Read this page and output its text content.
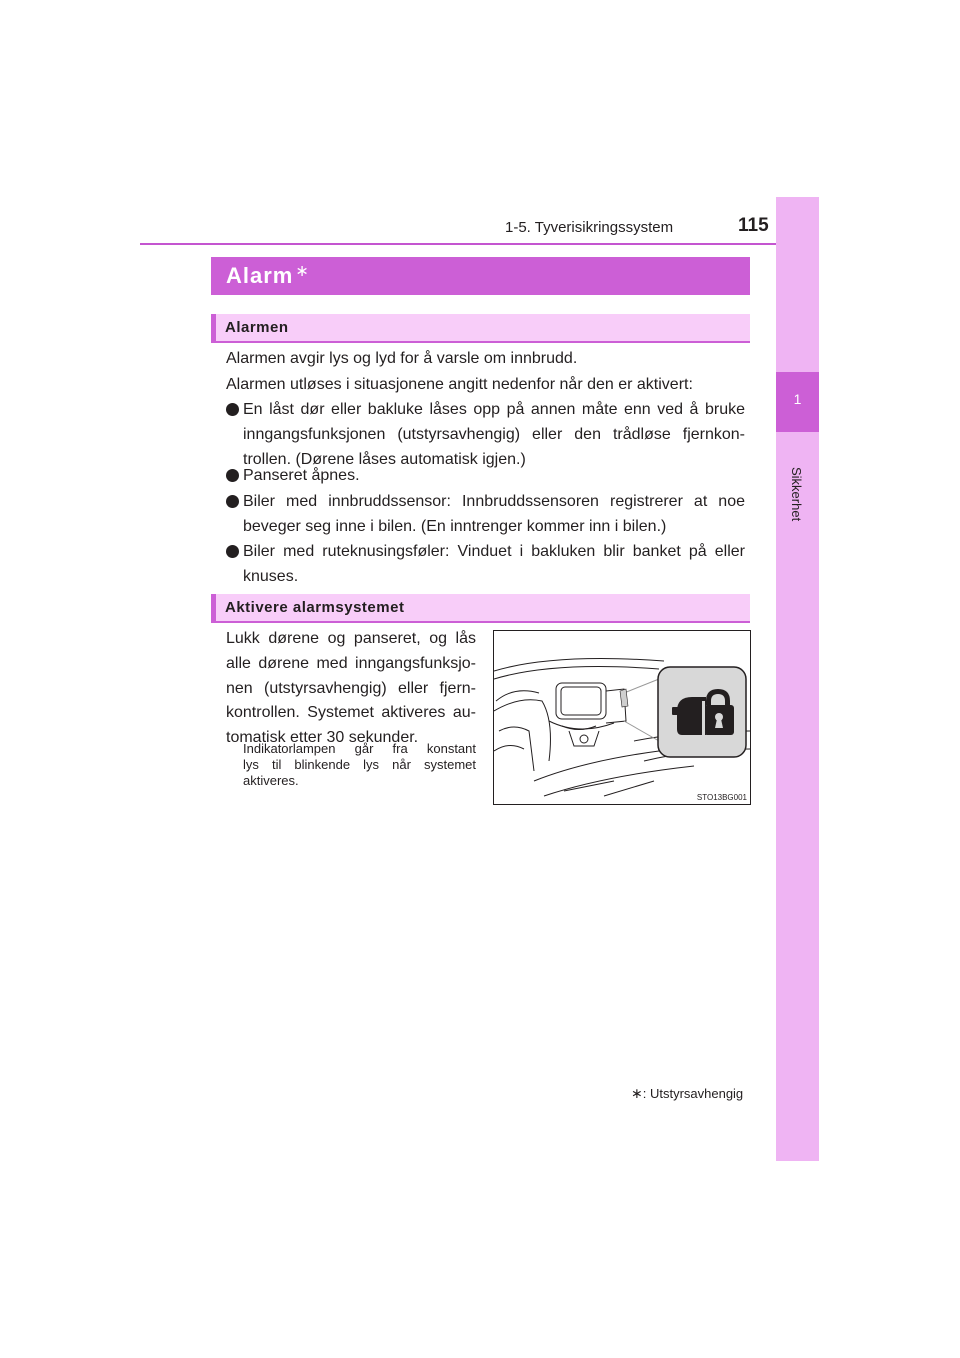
1-5. Tyverisikringssystem	115
1
Sikkerhet
Alarm ∗
Alarmen
Alarmen avgir lys og lyd for å varsle om innbrudd.
Alarmen utløses i situasjonene angitt nedenfor når den er aktivert:
En låst dør eller bakluke låses opp på annen måte enn ved å bruke
inngangsfunksjonen (utstyrsavhengig) eller den trådløse fjernkon-
trollen. (Dørene låses automatisk igjen.)
Panseret åpnes.
Biler med innbruddssensor: Innbruddssensoren registrerer at noe
beveger seg inne i bilen. (En inntrenger kommer inn i bilen.)
Biler med ruteknusingsføler: Vinduet i bakluken blir banket på eller
knuses.
Aktivere alarmsystemet
Lukk dørene og panseret, og lås
alle dørene med inngangsfunksjo-
nen (utstyrsavhengig) eller fjern-
kontrollen. Systemet aktiveres au-
tomatisk etter 30 sekunder.
Indikatorlampen går fra konstant
lys til blinkende lys når systemet
aktiveres.
STO13BG001
∗: Utstyrsavhengig
